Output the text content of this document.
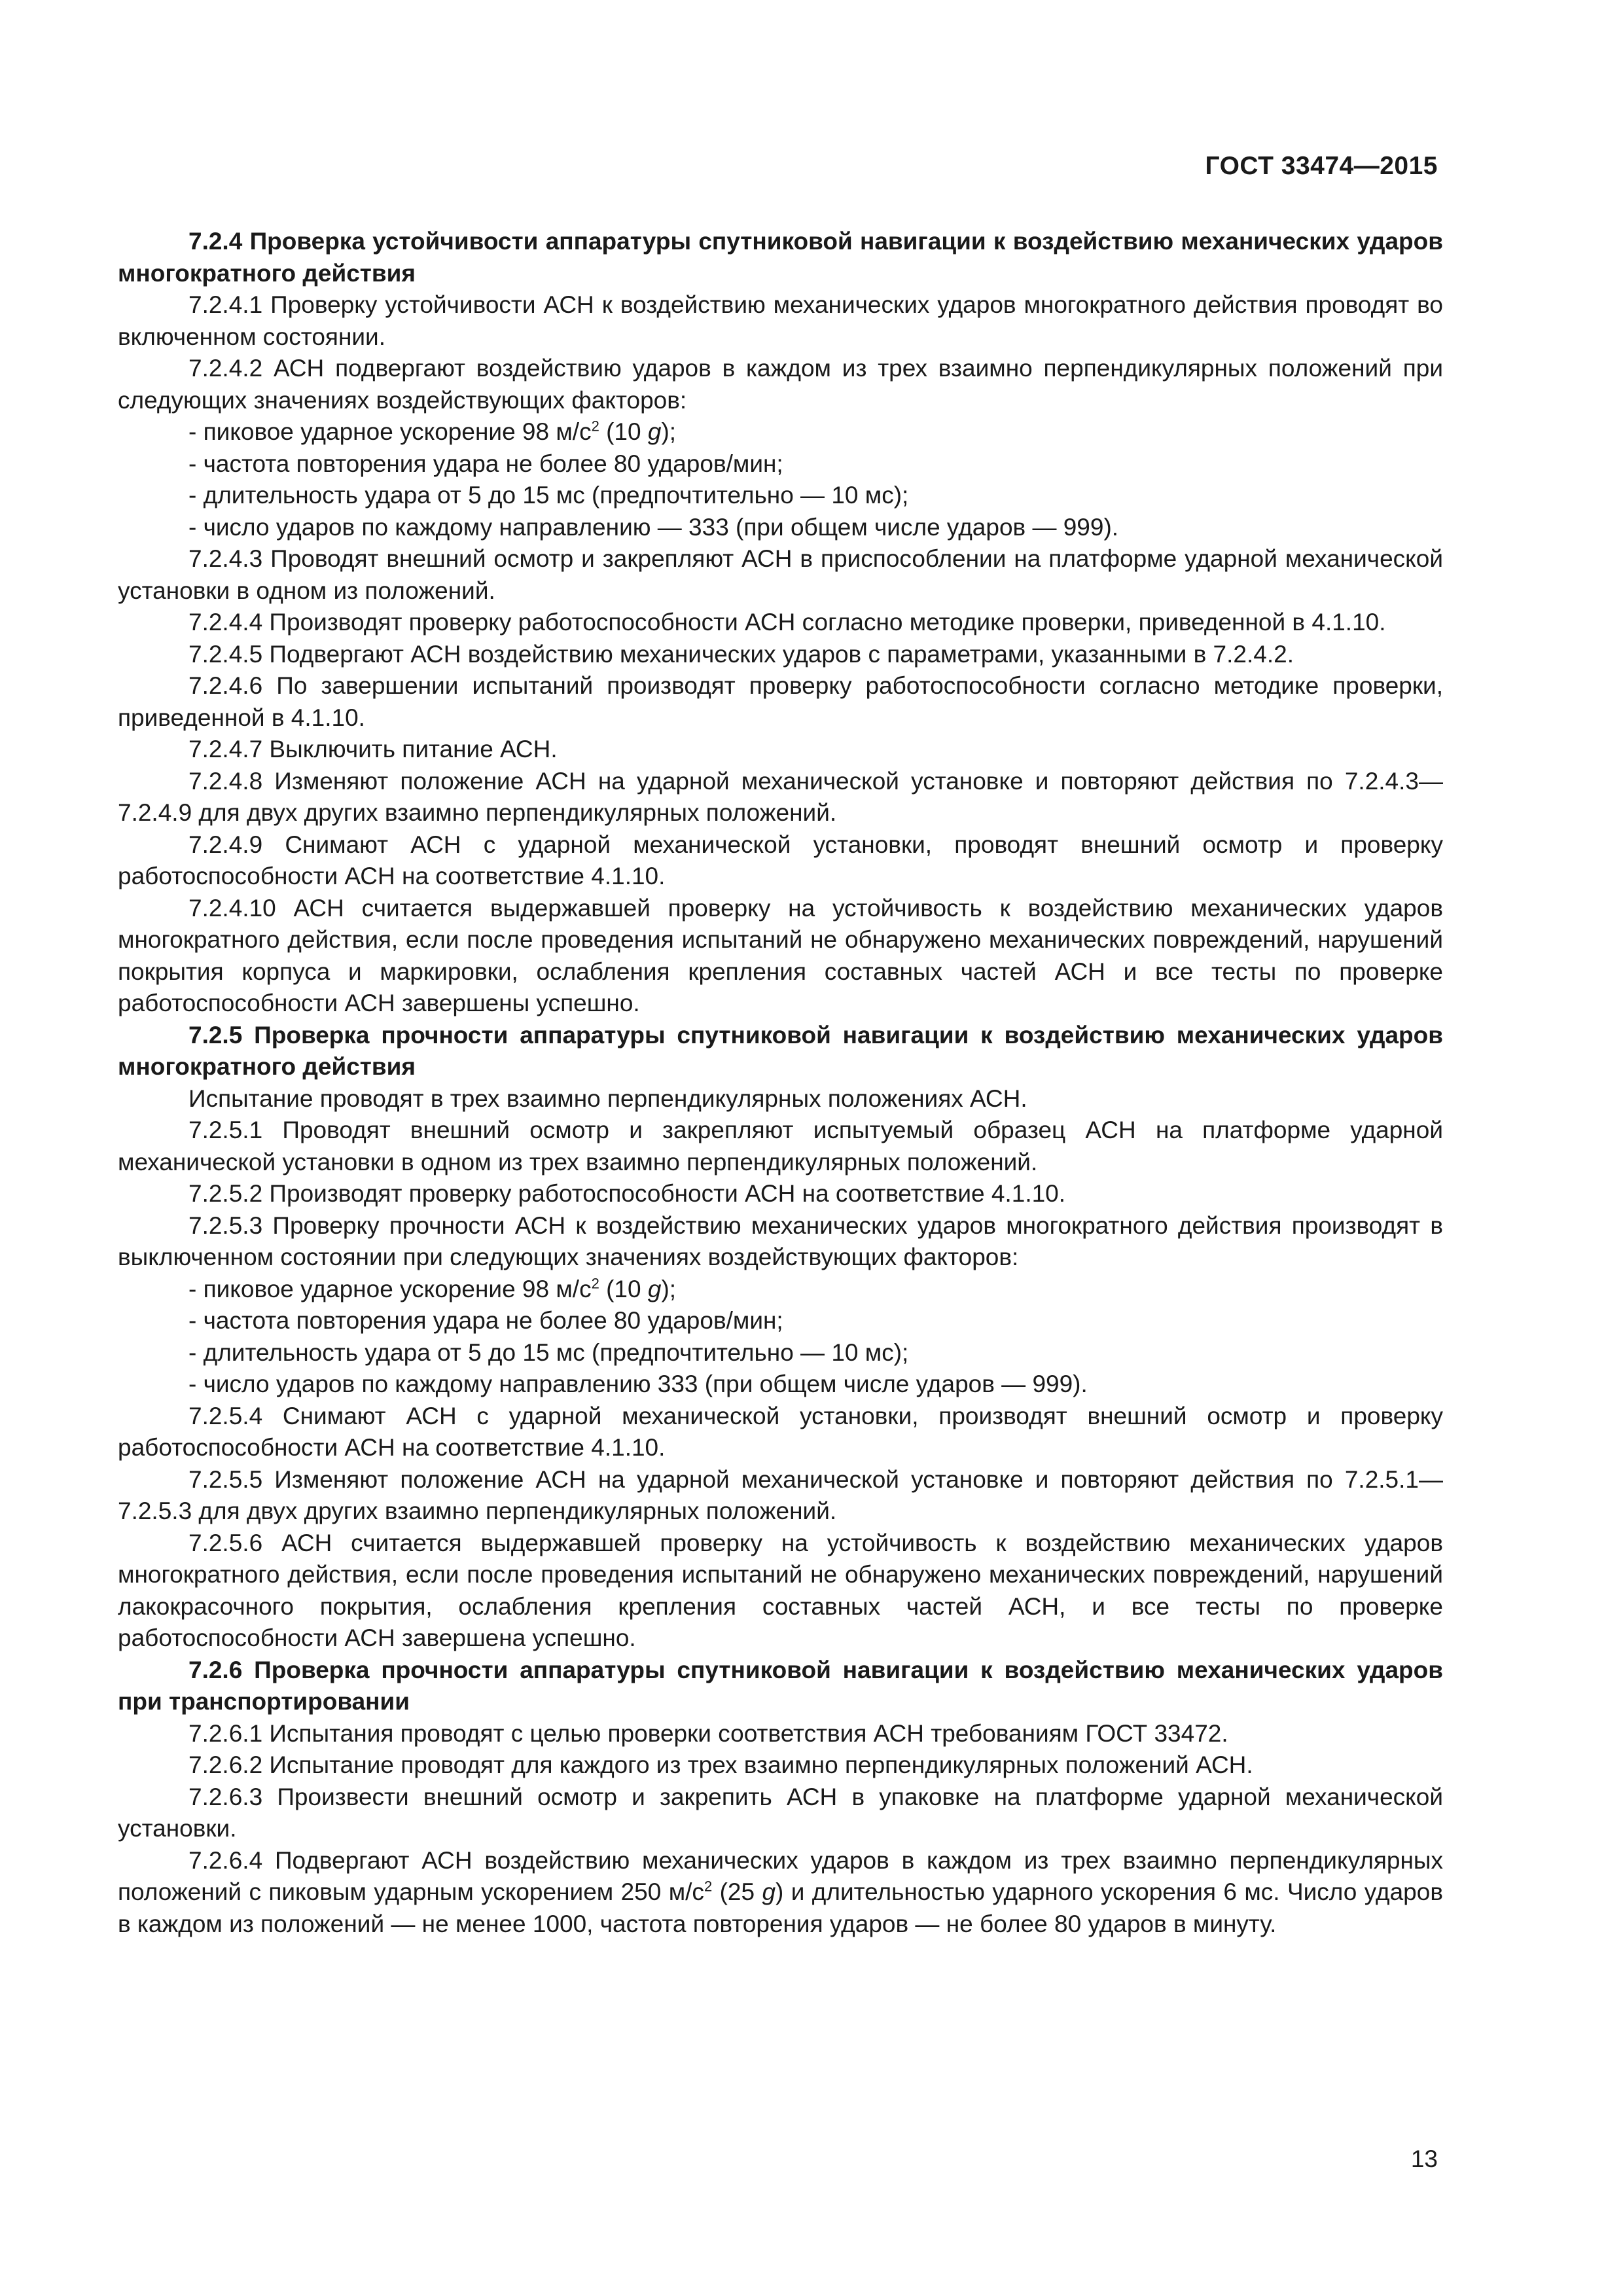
ГОСТ 33474—2015

7.2.4 Проверка устойчивости аппаратуры спутниковой навигации к воздействию механических ударов многократного действия

7.2.4.1 Проверку устойчивости АСН к воздействию механических ударов многократного действия проводят во включенном состоянии.

7.2.4.2 АСН подвергают воздействию ударов в каждом из трех взаимно перпендикулярных положений при следующих значениях воздействующих факторов:

- пиковое ударное ускорение 98 $м/с^2$ (10 g);

- частота повторения удара не более 80 ударов/мин;

- длительность удара от 5 до 15 мс (предпочтительно — 10 мс);

- число ударов по каждому направлению — 333 (при общем числе ударов — 999).

7.2.4.3 Проводят внешний осмотр и закрепляют АСН в приспособлении на платформе ударной механической установки в одном из положений.

7.2.4.4 Производят проверку работоспособности АСН согласно методике проверки, приведенной в 4.1.10.

7.2.4.5 Подвергают АСН воздействию механических ударов с параметрами, указанными в 7.2.4.2.

7.2.4.6 По завершении испытаний производят проверку работоспособности согласно методике проверки, приведенной в 4.1.10.

7.2.4.7 Выключить питание АСН.

7.2.4.8 Изменяют положение АСН на ударной механической установке и повторяют действия по 7.2.4.3—7.2.4.9 для двух других взаимно перпендикулярных положений.

7.2.4.9 Снимают АСН с ударной механической установки, проводят внешний осмотр и проверку работоспособности АСН на соответствие 4.1.10.

7.2.4.10 АСН считается выдержавшей проверку на устойчивость к воздействию механических ударов многократного действия, если после проведения испытаний не обнаружено механических повреждений, нарушений покрытия корпуса и маркировки, ослабления крепления составных частей АСН и все тесты по проверке работоспособности АСН завершены успешно.

7.2.5 Проверка прочности аппаратуры спутниковой навигации к воздействию механических ударов многократного действия

Испытание проводят в трех взаимно перпендикулярных положениях АСН.

7.2.5.1 Проводят внешний осмотр и закрепляют испытуемый образец АСН на платформе ударной механической установки в одном из трех взаимно перпендикулярных положений.

7.2.5.2 Производят проверку работоспособности АСН на соответствие 4.1.10.

7.2.5.3 Проверку прочности АСН к воздействию механических ударов многократного действия производят в выключенном состоянии при следующих значениях воздействующих факторов:

- пиковое ударное ускорение 98 $м/с^2$ (10 g);

- частота повторения удара не более 80 ударов/мин;

- длительность удара от 5 до 15 мс (предпочтительно — 10 мс);

- число ударов по каждому направлению 333 (при общем числе ударов — 999).

7.2.5.4 Снимают АСН с ударной механической установки, производят внешний осмотр и проверку работоспособности АСН на соответствие 4.1.10.

7.2.5.5 Изменяют положение АСН на ударной механической установке и повторяют действия по 7.2.5.1—7.2.5.3 для двух других взаимно перпендикулярных положений.

7.2.5.6 АСН считается выдержавшей проверку на устойчивость к воздействию механических ударов многократного действия, если после проведения испытаний не обнаружено механических повреждений, нарушений лакокрасочного покрытия, ослабления крепления составных частей АСН, и все тесты по проверке работоспособности АСН завершена успешно.

7.2.6 Проверка прочности аппаратуры спутниковой навигации к воздействию механических ударов при транспортировании

7.2.6.1 Испытания проводят с целью проверки соответствия АСН требованиям ГОСТ 33472.

7.2.6.2 Испытание проводят для каждого из трех взаимно перпендикулярных положений АСН.

7.2.6.3 Произвести внешний осмотр и закрепить АСН в упаковке на платформе ударной механической установки.

7.2.6.4 Подвергают АСН воздействию механических ударов в каждом из трех взаимно перпендикулярных положений с пиковым ударным ускорением 250 $м/с^2$ (25 g) и длительностью ударного ускорения 6 мс. Число ударов в каждом из положений — не менее 1000, частота повторения ударов — не более 80 ударов в минуту.

13
